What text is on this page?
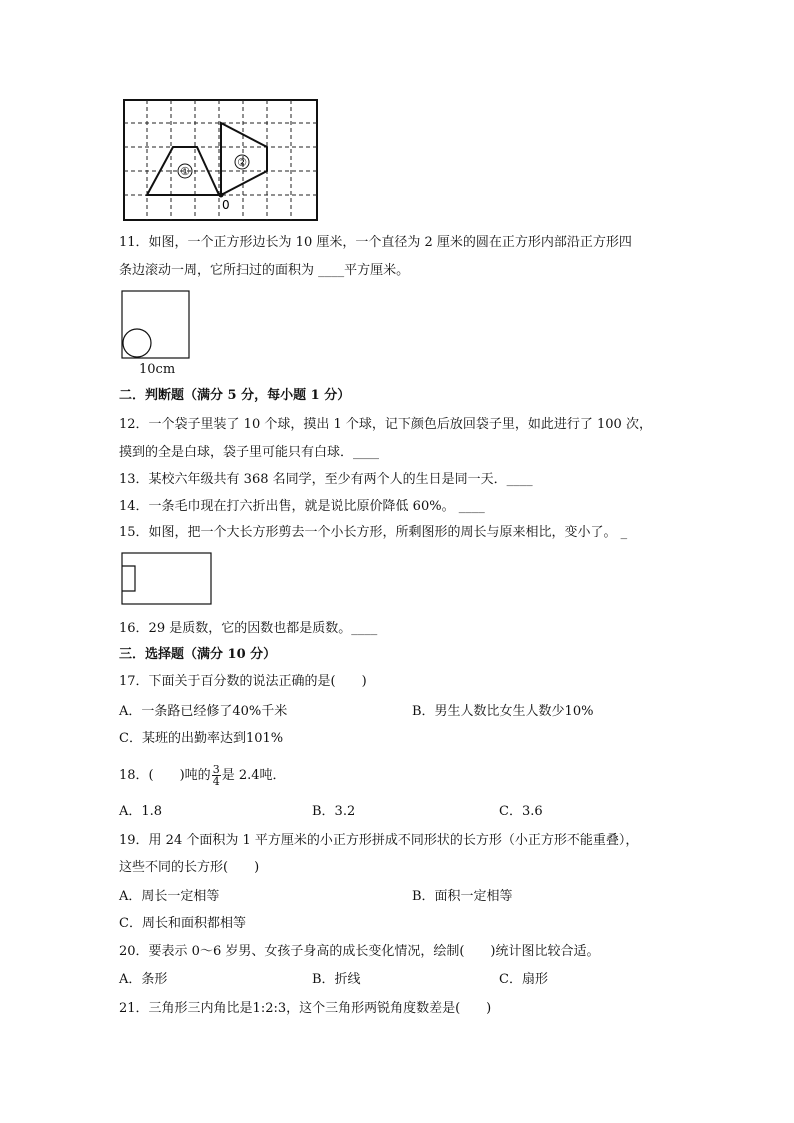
①
②
0
11．如图，一个正方形边长为 10 厘米，一个直径为 2 厘米的圆在正方形内部沿正方形四
条边滚动一周，它所扫过的面积为 ____平方厘米。
10cm
二．判断题（满分 5 分，每小题 1 分）
12．一个袋子里装了 10 个球，摸出 1 个球，记下颜色后放回袋子里，如此进行了 100 次，
摸到的全是白球，袋子里可能只有白球．____
13．某校六年级共有 368 名同学，至少有两个人的生日是同一天．____
14．一条毛巾现在打六折出售，就是说比原价降低 60%。 ____
15．如图，把一个大长方形剪去一个小长方形，所剩图形的周长与原来相比，变小了。 _
16．29 是质数，它的因数也都是质数。____
三．选择题（满分 10 分）
17．下面关于百分数的说法正确的是(　　)
A．一条路已经修了40%千米	B．男生人数比女生人数少10%
C．某班的出勤率达到101%
18．(　　)吨的 $\frac{3}{4}$ 是 2.4吨．
A．1.8	B．3.2	C．3.6
19．用 24 个面积为 1 平方厘米的小正方形拼成不同形状的长方形（小正方形不能重叠），
这些不同的长方形(　　)
A．周长一定相等	B．面积一定相等
C．周长和面积都相等
20．要表示 0～6 岁男、女孩子身高的成长变化情况，绘制(　　)统计图比较合适。
A．条形	B．折线	C．扇形
21．三角形三内角比是1:2:3，这个三角形两锐角度数差是(　　)
